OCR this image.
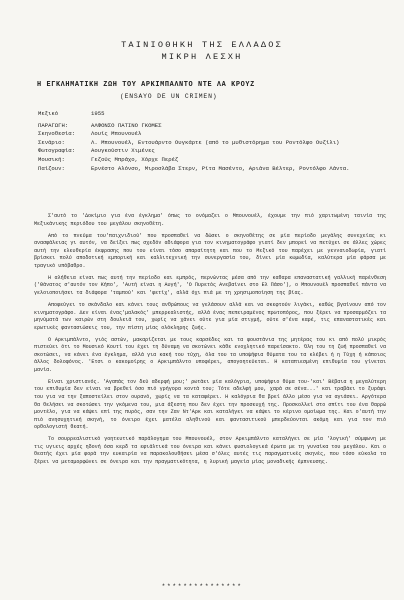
ΤΑΙΝΙΟΘΗΚΗ ΤΗΣ ΕΛΛΑΔΟΣ
ΜΙΚΡΗ ΛΕΣΧΗ
Η ΕΓΚΛΗΜΑΤΙΚΗ ΖΩΗ ΤΟΥ ΑΡΚΙΜΠΑΛΝΤΟ ΝΤΕ ΛΑ ΚΡΟΥΖ
(ENSAYO DE UN CRIMEN)
Μεξικό	1955
ΠΑΡΑΓΩΓΗ:	ΑΛΦΟΝΣΟ ΠΑΤΙΝΟ ΓΚΟΜΕΣ
Σκηνοθεσία:	Λουίς Μπουνουέλ
Σενάριο:	Λ. Μπουνουέλ, Εντουάρντο Ουγκάρτε (από το μυθιστόρημα του Ροντόλφο Ουζίλι)
Φωτογραφία:	Αουγκούστιν Χιμένες
Μουσική:	Γεζούς Μπράχο, Χόρχε Περέζ
Παίζουν:	Ερνέστο Αλόνσο, Μιροσλάβα Στερν, Ρίτα Μασέντο, Αριάνα Βέλτερ, Ροντόλφο Λάντα.

Σ'αυτό το 'Δοκίμιο για ένα έγκλημα' όπως το ονόμαζει ο Μπουνουέλ, έχουμε την πιό χαριτωμένη ταινία της Μεξικάνικης περιόδου του μεγάλου σκηνοθέτη.

Από το πνεύμα του'παιχνιδιού' που προσπαθεί να δώσει ο σκηνοθέτης σε μία περίοδο μεγάλης συνεχείας κι ανασφάλειας γι αυτόν, να δείξει πως σχεδόν αδιάφορα για τον κινηματογράφο γιατί δεν μπορεί να πετύχει σε άλλες χώρες αυτή την ελευθερία έκφρασης που του είναι τόσο απαραίτητη και που το Μεξικό του παρέχει με γενναιοδωρία, γιατί βρίσκει πολύ αποδοτική εμπορική και καλλιτεχνική την συνεργασία του, δίνει μία κωμωδία, καλύτερα μία φάρσα με τραγικό υπόβαθρο.

Η αλήθεια είναι πως αυτή την περίοδο και εμπρός, περνώντας μέσα από την καθαρα επαναστατική γαλλική παρένθεση ('Θάνατος σ'αυτόν τον Κήπο', 'Αυτή είναι η Αυγή', 'Ο Πυρετός Ανεβαίνει στο Ελ Πάσο'), ο Μπουνουέλ προσπαθεί πάντα να γελοιοποιήσει τα διάφορα 'ταμπού' και 'φετίχ', αλλά όχι πιά με τη χρησιμοποίηση της βίας.

Αποφεύγει το σκάνδαλο και κάνει τους ανθρώπους να γελάσουν αλλά και να σκεφτούν λιγάκι, καθώς βγαίνουν από τον κινηματογράφο. Δεν είναι ένας'μαλακός' μπερρεαλιστής, αλλά ένας πεπειραμένος πρωτοπόρος, που ξέρει να προσαρμόζει τα μηνύματά των καιρών στη δουλειά του, χωρίς να χάνει ούτε για μία στιγμή, ούτε σ'ένα καρέ, τις επαναστατικές και ερωτικές φαντασιώσεις του, την πίστη μίας ολόκληρης ζωής.

Ο Αρκιμπάλντο, γιός αστών, μακαρίζεται με τους καρσέδες και τα φουστάνια της μητέρας του κι από πολύ μικρός πιστεύει ότι το Μουσικό Κουτί του έχει τη δύναμη να σκοτώνει κάθε ενοχλητικό παρείσακτο. Όλη του τη ζωή προσπαθεί να σκοτώσει, να κάνει ένα έγκλημα, αλλά για κακή του τύχη, όλα του τα υποψήφια θύματα του τα κλέβει ή η Τύχη ή κάποιος άλλος δολοφόνος. 'Ετσι ο κακομοίρης ο Αρκιμπάλντο υποφέρει, απογοητεύεται. Η καταπιεσμένη επιθυμία του γίνεται μανία.

Είναι χριστιανός. 'Αγαπάς τον δεύ αδερφή μου;' ρωτάει μία καλόγρια, υποψήφιο θύμα του-'και' Βέβαια η μεγαλύτερη του επιθυμία δεν είναι να βρεθεί όσο πιό γρήγορα κοντά του; Τότε αδελφή μου, χαρά σε σένα...' και τραβάει το ξυράφι του για να την ξαποστείλει στον ουρανό, χωρίς να τα καταφέρει. Η καλόγρια θα βρεί άλλο μέσο για να αγιάσει. Αργότερα θα θελήσει να σκοτώσει την γκόμενα του, μια άξεστη που δεν έχει την προσευχή της. Προσκολλεί στο σπίτι του ένα θαρρώ μοντέλο, για να κάψει επί της πυρός, σαν την Ζαν Ντ'Αρκ και καταλήγει να κάψει το κέρινο ομοίωμα της. Και ο'αυτή την πιό ανησυχητική σκηνή, το όνειρο έχει ματέλα αληθινού και φαντασιτικού μπερδεύονται ακόμη και για τον πιό ορθολογιστή θεατή.

Το σουρρεαλιστικό γοητευτικό παράλογημα του Μπουνουέλ, στον Αρκιμπάλντο καταλήγει σε μία 'λογική' σύμφωνη με τις υγιεις αρχές ηδονή όσα κερδ τα εφιάλτικά του όνειρα και κάνει φυσιολογικά έρωτα με τη γυναίκα του μεγάλου. Και ο θεατής έχει μία φορά την ευκαιρία να παρακολουθήσει μέσα σ'όλες αυτές τις παραγματικές σκηνές, που τόσο εύκολα τα ξέρει να μεταμορφώνει σε όνειρα και την πραγματικότητα, η λυρική μαγεία μίας μοναδικής έμπνευσης.

***************
